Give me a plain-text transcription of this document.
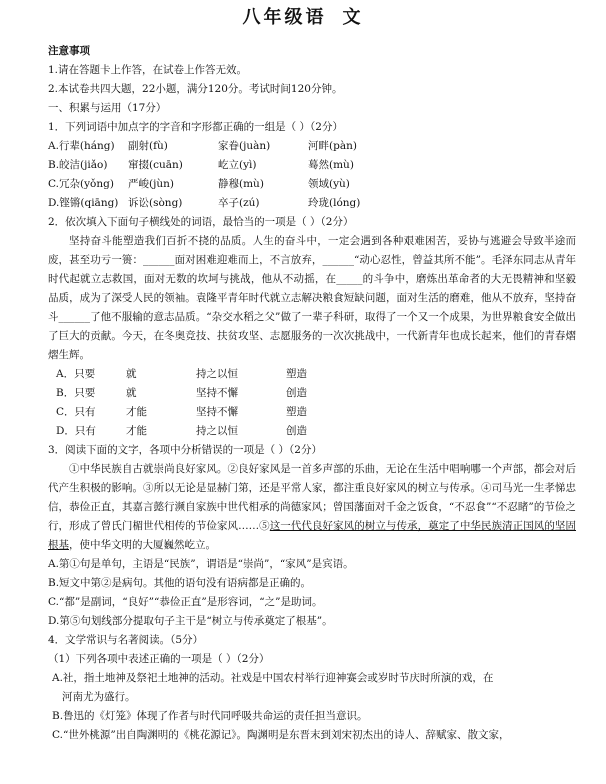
八年级语 文
注意事项
1.请在答题卡上作答，在试卷上作答无效。
2.本试卷共四大题，22小题，满分120分。考试时间120分钟。
一、积累与运用（17分）
1．下列词语中加点字的字音和字形都正确的一组是（ ）（2分）
A.行辈(háng)	副射(fù)	家眷(juàn)	河畔(pàn)
B.皎洁(jiǎo)	窜掇(cuān)	屹立(yì)	蓦然(mù)
C.冗杂(yǒng)	严峻(jùn)	静穆(mù)	领域(yù)
D.铿锵(qiāng) 诉讼(sòng)	卒子(zú)	玲珑(lóng)
2．依次填入下面句子横线处的词语，最恰当的一项是（ ）（2分）
坚持奋斗能塑造我们百折不挠的品质。人生的奋斗中，一定会遇到各种艰难困苦，妥协与逃避会导致半途而废，甚至功亏一篑：______面对困难迎难而上，不言放弃，______“动心忍性，曾益其所不能”。毛泽东同志从青年时代起就立志救国，面对无数的坎坷与挑战，他从不动摇，在_____的斗争中，磨炼出革命者的大无畏精神和坚毅品质，成为了深受人民的领袖。袁隆平青年时代就立志解决粮食短缺问题，面对生活的磨难，他从不放弃，坚持奋斗______了他不服输的意志品质。“杂交水稻之父”做了一辈子科研，取得了一个又一个成果，为世界粮食安全做出了巨大的贡献。今天，在冬奥竞技、扶贫攻坚、志愿服务的一次次挑战中，一代新青年也成长起来，他们的青春熠熠生辉。
A．只要	就	持之以恒	塑造
B．只要	就	坚持不懈	创造
C．只有	才能	坚持不懈	塑造
D．只有	才能	持之以恒	创造
3．阅读下面的文字，各项中分析错误的一项是（ ）（2分）
①中华民族自古就崇尚良好家风。②良好家风是一首多声部的乐曲，无论在生活中唱响哪一个声部，都会对后代产生积极的影响。③所以无论是显赫门第，还是平常人家，都注重良好家风的树立与传承。④司马光一生孝悌忠信，恭俭正直，其嘉言懿行濒自家族中世代相承的尚德家风；曾国藩面对千金之饭食，“不忍食”“不忍睹”的节俭之行，形成了曾氏门楣世代相传的节俭家风……⑤这一代代良好家风的树立与传承，奠定了中华民族清正国风的坚固根基，使中华文明的大厦巍然屹立。
A.第①句是单句，主语是“民族”，谓语是“崇尚”，“家风”是宾语。
B.短文中第②是病句。其他的语句没有语病都是正确的。
C.“都”是副词，“良好”“恭俭正直”是形容词，“之”是助词。
D.第⑤句划线部分提取句子主干是“树立与传承奠定了根基”。
4．文学常识与名著阅读。（5分）
（1）下列各项中表述正确的一项是（ ）（2分）
A.社，指土地神及祭祀土地神的活动。社戏是中国农村举行迎神赛会或岁时节庆时所演的戏，在
河南尤为盛行。
B.鲁迅的《灯笼》体现了作者与时代同呼吸共命运的责任担当意识。
C.“世外桃源”出自陶渊明的《桃花源记》。陶渊明是东晋末到刘宋初杰出的诗人、辞赋家、散文家，
